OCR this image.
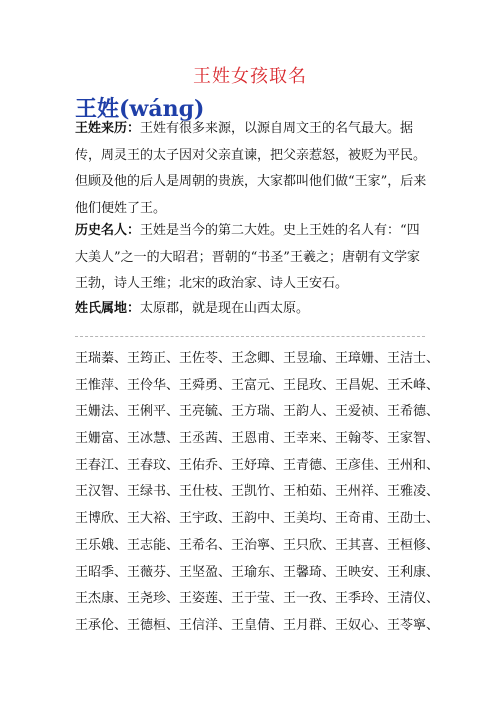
王姓女孩取名
王姓(wánɡ)
王姓来历：王姓有很多来源，以源自周文王的名气最大。据传，周灵王的太子因对父亲直谏，把父亲惹怒，被贬为平民。但顾及他的后人是周朝的贵族，大家都叫他们做“王家”，后来他们便姓了王。
历史名人：王姓是当今的第二大姓。史上王姓的名人有：“四大美人”之一的大昭君；晋朝的“书圣”王羲之；唐朝有文学家王勃，诗人王维；北宋的政治家、诗人王安石。
姓氏属地：太原郡，就是现在山西太原。
王瑞蓁、王筠正、王佐苓、王念卿、王昱瑜、王璋姗、王洁士、
王惟萍、王伶华、王舜勇、王富元、王昆玫、王昌妮、王禾峰、
王姗法、王俐平、王亮毓、王方瑞、王韵人、王爱祯、王希德、
王姗富、王冰慧、王丞茜、王恩甫、王幸来、王翰苓、王家智、
王春江、王春玟、王佑乔、王妤璋、王青德、王彦佳、王州和、
王汉智、王绿书、王仕枝、王凯竹、王柏茹、王州祥、王雅凌、
王博欣、王大裕、王宇政、王韵中、王美均、王奇甫、王劭士、
王乐娥、王志能、王希名、王治寧、王只欣、王其喜、王桓修、
王昭季、王薇芬、王坚盈、王瑜东、王馨琦、王映安、王利康、
王杰康、王尧珍、王姿莲、王于莹、王一孜、王季玲、王清仪、
王承伦、王德桓、王信洋、王皇倩、王月群、王奴心、王苓寧、
